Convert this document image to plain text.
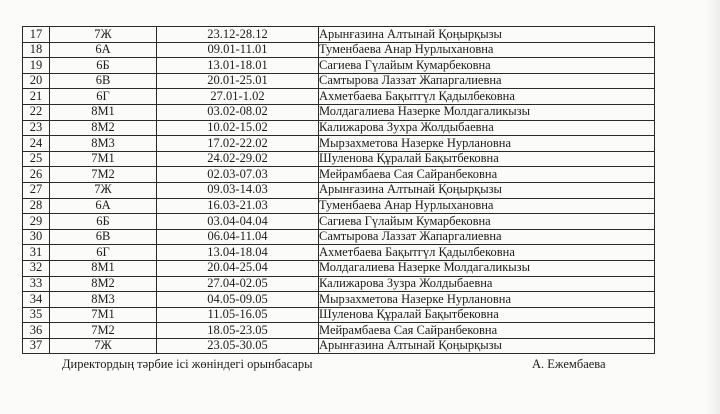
17	7Ж	23.12-28.12	Арынғазина Алтынай Қоңырқызы
18	6А	09.01-11.01	Туменбаева Анар Нурлыхановна
19	6Б	13.01-18.01	Сагиева Гүлайым Кумарбековна
20	6В	20.01-25.01	Самтырова Лаззат Жапаргалиевна
21	6Г	27.01-1.02	Ахметбаева Бақытгүл Қадылбековна
22	8М1	03.02-08.02	Молдагалиева Назерке Молдагаликызы
23	8М2	10.02-15.02	Калижарова Зухра Жолдыбаевна
24	8М3	17.02-22.02	Мырзахметова Назерке Нурлановна
25	7М1	24.02-29.02	Шуленова Құралай Бақытбековна
26	7М2	02.03-07.03	Мейрамбаева Сая Сайранбековна
27	7Ж	09.03-14.03	Арынғазина Алтынай Қоңырқызы
28	6А	16.03-21.03	Туменбаева Анар Нурлыхановна
29	6Б	03.04-04.04	Сагиева Гүлайым Кумарбековна
30	6В	06.04-11.04	Самтырова Лаззат Жапаргалиевна
31	6Г	13.04-18.04	Ахметбаева Бақытгүл Қадылбековна
32	8М1	20.04-25.04	Молдагалиева Назерке Молдагаликызы
33	8М2	27.04-02.05	Калижарова Зузра Жолдыбаевна
34	8М3	04.05-09.05	Мырзахметова Назерке Нурлановна
35	7М1	11.05-16.05	Шуленова Құралай Бақытбековна
36	7М2	18.05-23.05	Мейрамбаева Сая Сайранбековна
37	7Ж	23.05-30.05	Арынғазина Алтынай Қоңырқызы
Директордың тәрбие ісі жөніндегі орынбасары	А. Ежембаева
